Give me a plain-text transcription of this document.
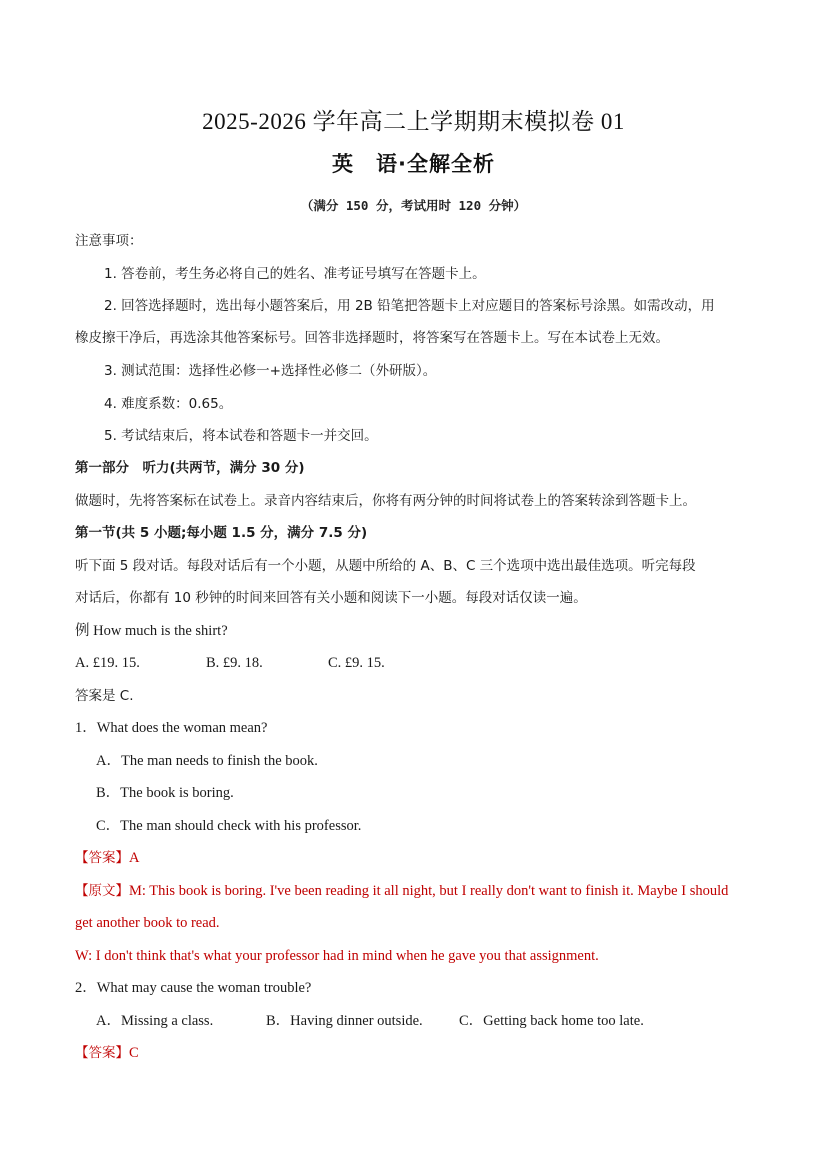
2025-2026 学年高二上学期期末模拟卷 01
英　语·全解全析
（满分 150 分，考试用时 120 分钟）
注意事项：
1. 答卷前，考生务必将自己的姓名、准考证号填写在答题卡上。
2. 回答选择题时，选出每小题答案后，用 2B 铅笔把答题卡上对应题目的答案标号涂黑。如需改动，用
橡皮擦干净后，再选涂其他答案标号。回答非选择题时，将答案写在答题卡上。写在本试卷上无效。
3. 测试范围：选择性必修一+选择性必修二（外研版）。
4. 难度系数：0.65。
5. 考试结束后，将本试卷和答题卡一并交回。
第一部分　听力(共两节，满分 30 分)
做题时，先将答案标在试卷上。录音内容结束后，你将有两分钟的时间将试卷上的答案转涂到答题卡上。
第一节(共 5 小题;每小题 1.5 分，满分 7.5 分)
听下面 5 段对话。每段对话后有一个小题，从题中所给的 A、B、C 三个选项中选出最佳选项。听完每段
对话后，你都有 10 秒钟的时间来回答有关小题和阅读下一小题。每段对话仅读一遍。
例 How much is the shirt?
A. £19. 15.	B. £9. 18.	C. £9. 15.
答案是 C.
1．What does the woman mean?
A．The man needs to finish the book.
B．The book is boring.
C．The man should check with his professor.
【答案】A
【原文】M: This book is boring. I've been reading it all night, but I really don't want to finish it. Maybe I should
get another book to read.
W: I don't think that's what your professor had in mind when he gave you that assignment.
2．What may cause the woman trouble?
A．Missing a class.	B．Having dinner outside.	C．Getting back home too late.
【答案】C
